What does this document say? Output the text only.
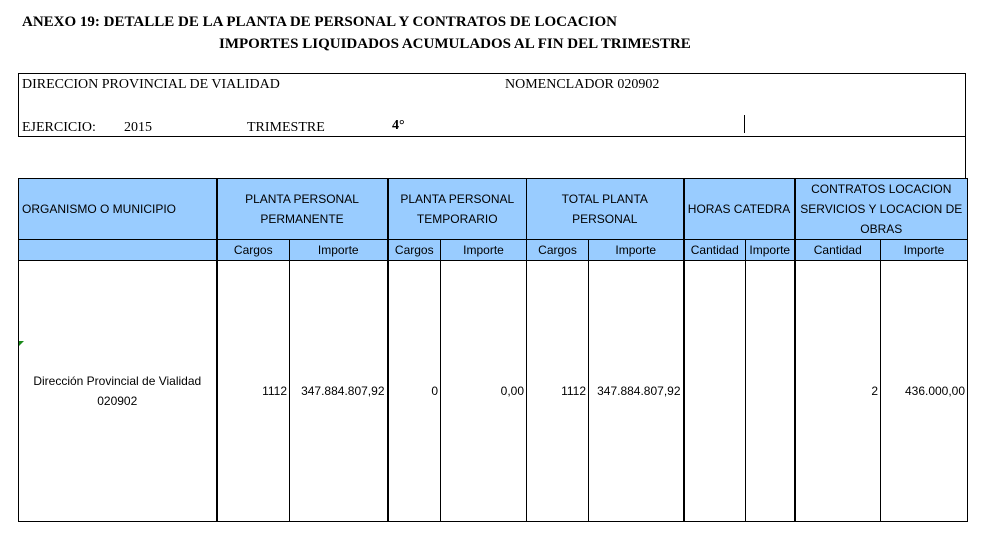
ANEXO 19: DETALLE DE LA PLANTA DE PERSONAL Y CONTRATOS DE LOCACION
IMPORTES LIQUIDADOS ACUMULADOS AL FIN DEL TRIMESTRE
DIRECCION PROVINCIAL DE VIALIDAD	NOMENCLADOR 020902
EJERCICIO: 2015	TRIMESTRE	4°
ORGANISMO O MUNICIPIO	PLANTA PERSONAL PERMANENTE		PLANTA PERSONAL TEMPORARIO		TOTAL PLANTA PERSONAL		HORAS CATEDRA		CONTRATOS LOCACION SERVICIOS Y LOCACION DE OBRAS	
	Cargos	Importe	Cargos	Importe	Cargos	Importe	Cantidad	Importe	Cantidad	Importe
Dirección Provincial de Vialidad 020902	1112	347.884.807,92	0	0,00	1112	347.884.807,92			2	436.000,00
